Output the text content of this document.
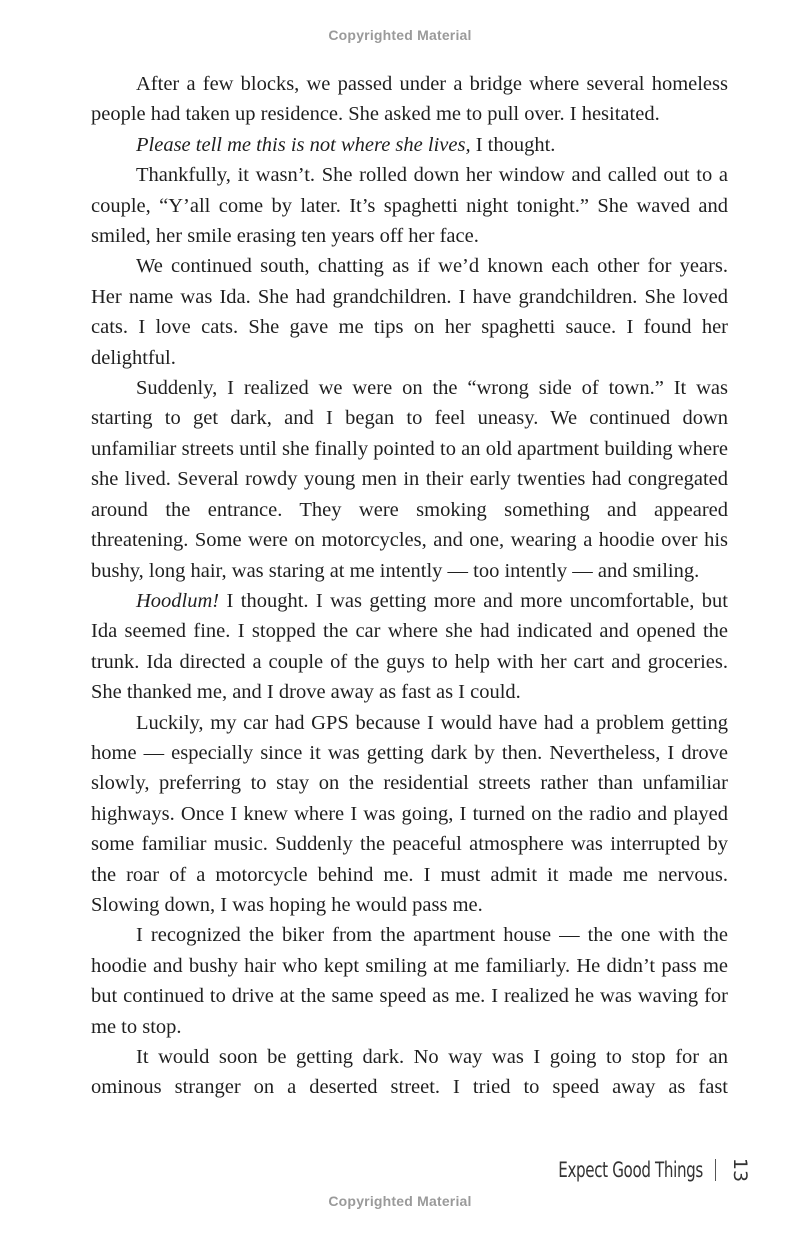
Copyrighted Material

After a few blocks, we passed under a bridge where several homeless people had taken up residence. She asked me to pull over. I hesitated.

Please tell me this is not where she lives, I thought.

Thankfully, it wasn’t. She rolled down her window and called out to a couple, “Y’all come by later. It’s spaghetti night tonight.” She waved and smiled, her smile erasing ten years off her face.

We continued south, chatting as if we’d known each other for years. Her name was Ida. She had grandchildren. I have grandchildren. She loved cats. I love cats. She gave me tips on her spaghetti sauce. I found her delightful.

Suddenly, I realized we were on the “wrong side of town.” It was starting to get dark, and I began to feel uneasy. We continued down unfamiliar streets until she finally pointed to an old apartment building where she lived. Several rowdy young men in their early twenties had congregated around the entrance. They were smoking something and appeared threatening. Some were on motorcycles, and one, wearing a hoodie over his bushy, long hair, was staring at me intently — too intently — and smiling.

Hoodlum! I thought. I was getting more and more uncomfortable, but Ida seemed fine. I stopped the car where she had indicated and opened the trunk. Ida directed a couple of the guys to help with her cart and groceries. She thanked me, and I drove away as fast as I could.

Luckily, my car had GPS because I would have had a problem getting home — especially since it was getting dark by then. Nevertheless, I drove slowly, preferring to stay on the residential streets rather than unfamiliar highways. Once I knew where I was going, I turned on the radio and played some familiar music. Suddenly the peaceful atmosphere was interrupted by the roar of a motorcycle behind me. I must admit it made me nervous. Slowing down, I was hoping he would pass me.

I recognized the biker from the apartment house — the one with the hoodie and bushy hair who kept smiling at me familiarly. He didn’t pass me but continued to drive at the same speed as me. I realized he was waving for me to stop.

It would soon be getting dark. No way was I going to stop for an ominous stranger on a deserted street. I tried to speed away as fast

Expect Good Things 13
Copyrighted Material
